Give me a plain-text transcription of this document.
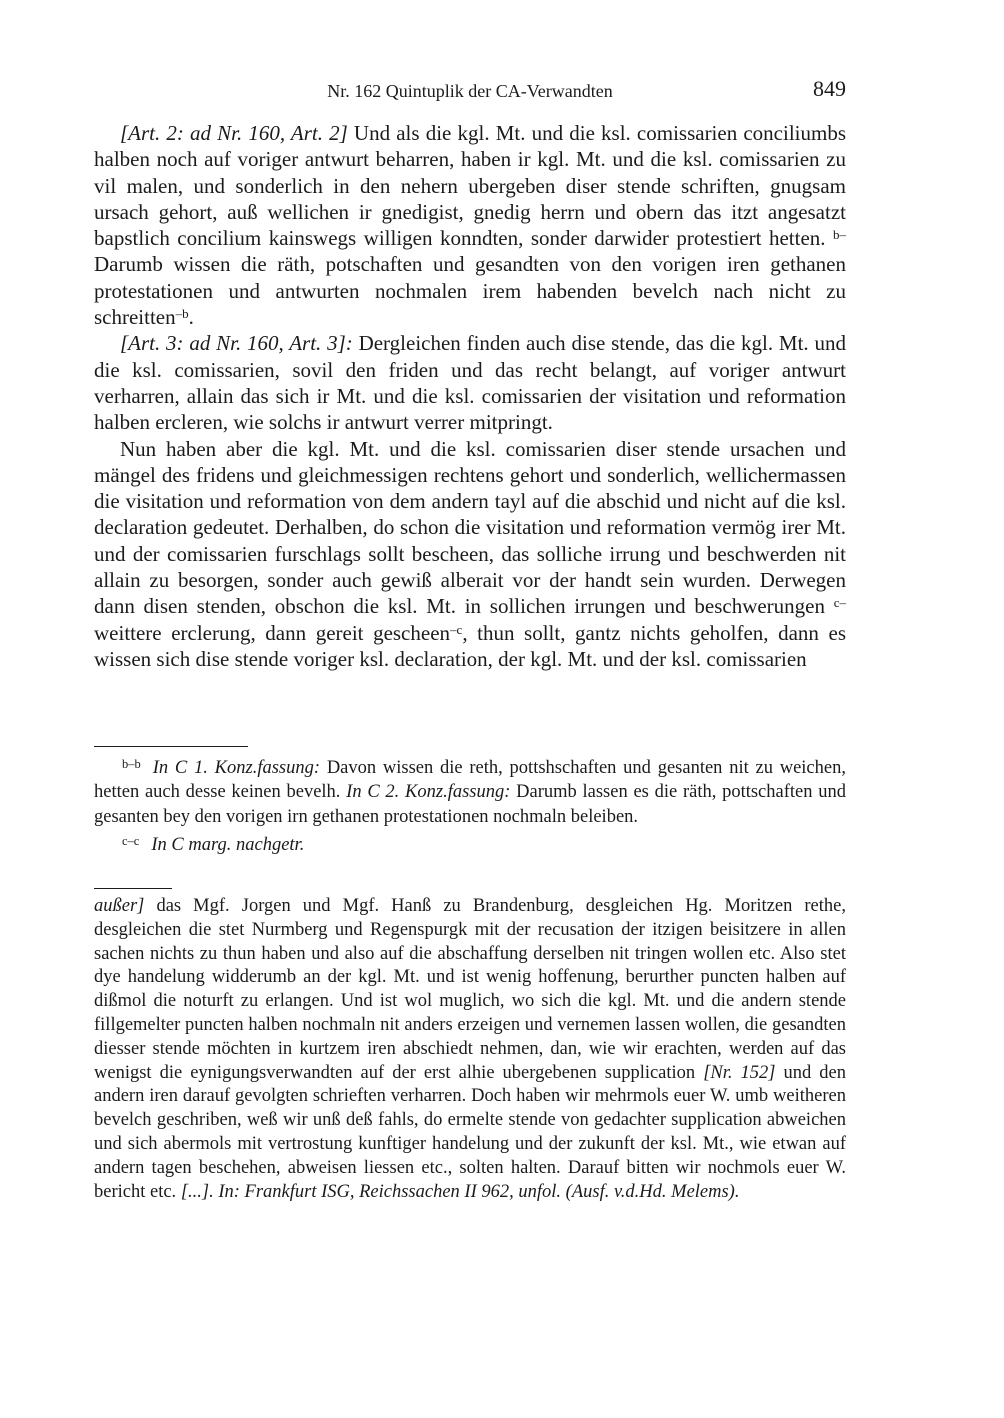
Nr. 162 Quintuplik der CA-Verwandten	849

[Art. 2: ad Nr. 160, Art. 2] Und als die kgl. Mt. und die ksl. comissarien conciliumbs halben noch auf voriger antwurt beharren, haben ir kgl. Mt. und die ksl. comissarien zu vil malen, und sonderlich in den nehern ubergeben diser stende schriften, gnugsam ursach gehort, auß wellichen ir gnedigist, gnedig herrn und obern das itzt angesatzt bapstlich concilium kainswegs willigen konndten, sonder darwider protestiert hetten. $^{b-}$Darumb wissen die räth, potschaften und gesandten von den vorigen iren gethanen protestationen und antwurten nochmalen irem habenden bevelch nach nicht zu schreitten$^{-b}$.

[Art. 3: ad Nr. 160, Art. 3]: Dergleichen finden auch dise stende, das die kgl. Mt. und die ksl. comissarien, sovil den friden und das recht belangt, auf voriger antwurt verharren, allain das sich ir Mt. und die ksl. comissarien der visitation und reformation halben ercleren, wie solchs ir antwurt verrer mitpringt.

Nun haben aber die kgl. Mt. und die ksl. comissarien diser stende ursachen und mängel des fridens und gleichmessigen rechtens gehort und sonderlich, wellichermassen die visitation und reformation von dem andern tayl auf die abschid und nicht auf die ksl. declaration gedeutet. Derhalben, do schon die visitation und reformation vermög irer Mt. und der comissarien furschlags sollt bescheen, das solliche irrung und beschwerden nit allain zu besorgen, sonder auch gewiß alberait vor der handt sein wurden. Derwegen dann disen stenden, obschon die ksl. Mt. in sollichen irrungen und beschwerungen $^{c-}$weittere erclerung, dann gereit gescheen$^{-c}$, thun sollt, gantz nichts geholfen, dann es wissen sich dise stende voriger ksl. declaration, der kgl. Mt. und der ksl. comissarien

$^{b-b}$ In C 1. Konz.fassung: Davon wissen die reth, pottshschaften und gesanten nit zu weichen, hetten auch desse keinen bevelh. In C 2. Konz.fassung: Darumb lassen es die räth, pottschaften und gesanten bey den vorigen irn gethanen protestationen nochmaln beleiben.

$^{c-c}$ In C marg. nachgetr.

außer] das Mgf. Jorgen und Mgf. Hanß zu Brandenburg, desgleichen Hg. Moritzen rethe, desgleichen die stet Nurmberg und Regenspurgk mit der recusation der itzigen beisitzere in allen sachen nichts zu thun haben und also auf die abschaffung derselben nit tringen wollen etc. Also stet dye handelung widderumb an der kgl. Mt. und ist wenig hoffenung, berurther puncten halben auf dißmol die noturft zu erlangen. Und ist wol muglich, wo sich die kgl. Mt. und die andern stende fillgemelter puncten halben nochmaln nit anders erzeigen und vernemen lassen wollen, die gesandten diesser stende möchten in kurtzem iren abschiedt nehmen, dan, wie wir erachten, werden auf das wenigst die eynigungsverwandten auf der erst alhie ubergebenen supplication [Nr. 152] und den andern iren darauf gevolgten schrieften verharren. Doch haben wir mehrmols euer W. umb weitheren bevelch geschriben, weß wir unß deß fahls, do ermelte stende von gedachter supplication abweichen und sich abermols mit vertrostung kunftiger handelung und der zukunft der ksl. Mt., wie etwan auf andern tagen beschehen, abweisen liessen etc., solten halten. Darauf bitten wir nochmols euer W. bericht etc. [...]. In: Frankfurt ISG, Reichssachen II 962, unfol. (Ausf. v.d.Hd. Melems).
